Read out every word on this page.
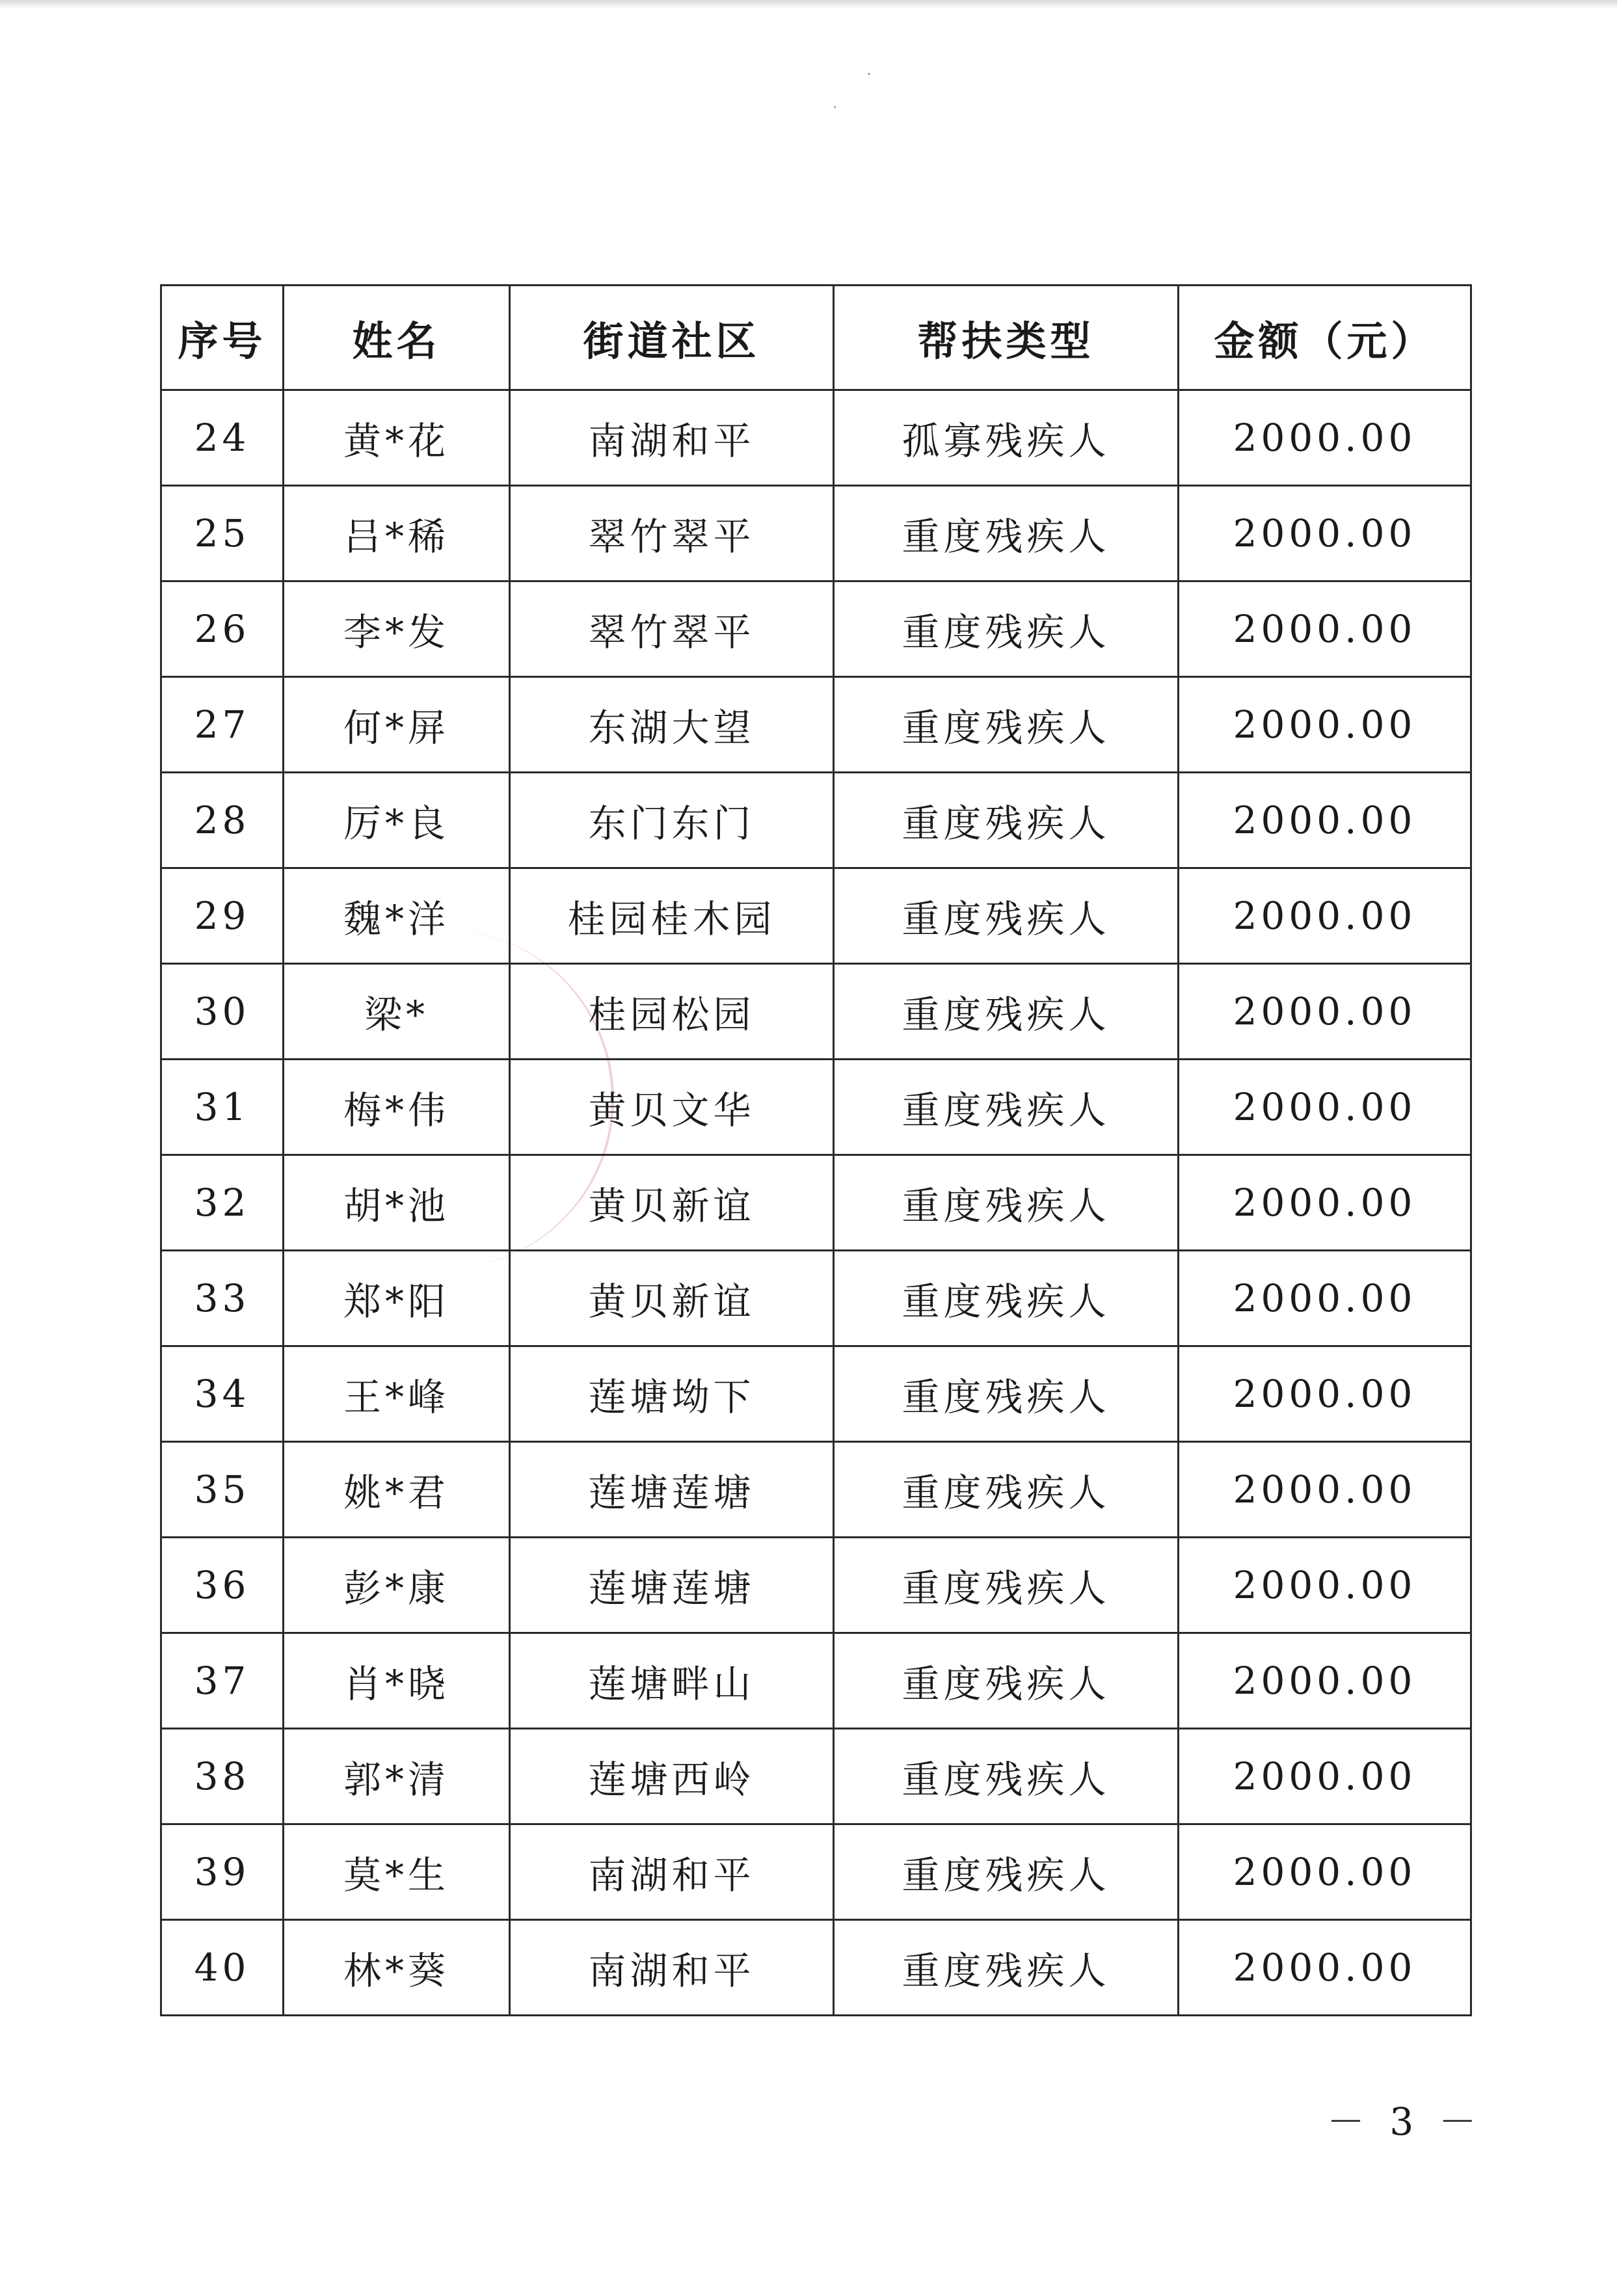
序号	姓名	街道社区	帮扶类型	金额（元）
24	黄*花	南湖和平	孤寡残疾人	2000.00
25	吕*稀	翠竹翠平	重度残疾人	2000.00
26	李*发	翠竹翠平	重度残疾人	2000.00
27	何*屏	东湖大望	重度残疾人	2000.00
28	厉*良	东门东门	重度残疾人	2000.00
29	魏*洋	桂园桂木园	重度残疾人	2000.00
30	梁*	桂园松园	重度残疾人	2000.00
31	梅*伟	黄贝文华	重度残疾人	2000.00
32	胡*池	黄贝新谊	重度残疾人	2000.00
33	郑*阳	黄贝新谊	重度残疾人	2000.00
34	王*峰	莲塘坳下	重度残疾人	2000.00
35	姚*君	莲塘莲塘	重度残疾人	2000.00
36	彭*康	莲塘莲塘	重度残疾人	2000.00
37	肖*晓	莲塘畔山	重度残疾人	2000.00
38	郭*清	莲塘西岭	重度残疾人	2000.00
39	莫*生	南湖和平	重度残疾人	2000.00
40	林*葵	南湖和平	重度残疾人	2000.00
－ 3 －
